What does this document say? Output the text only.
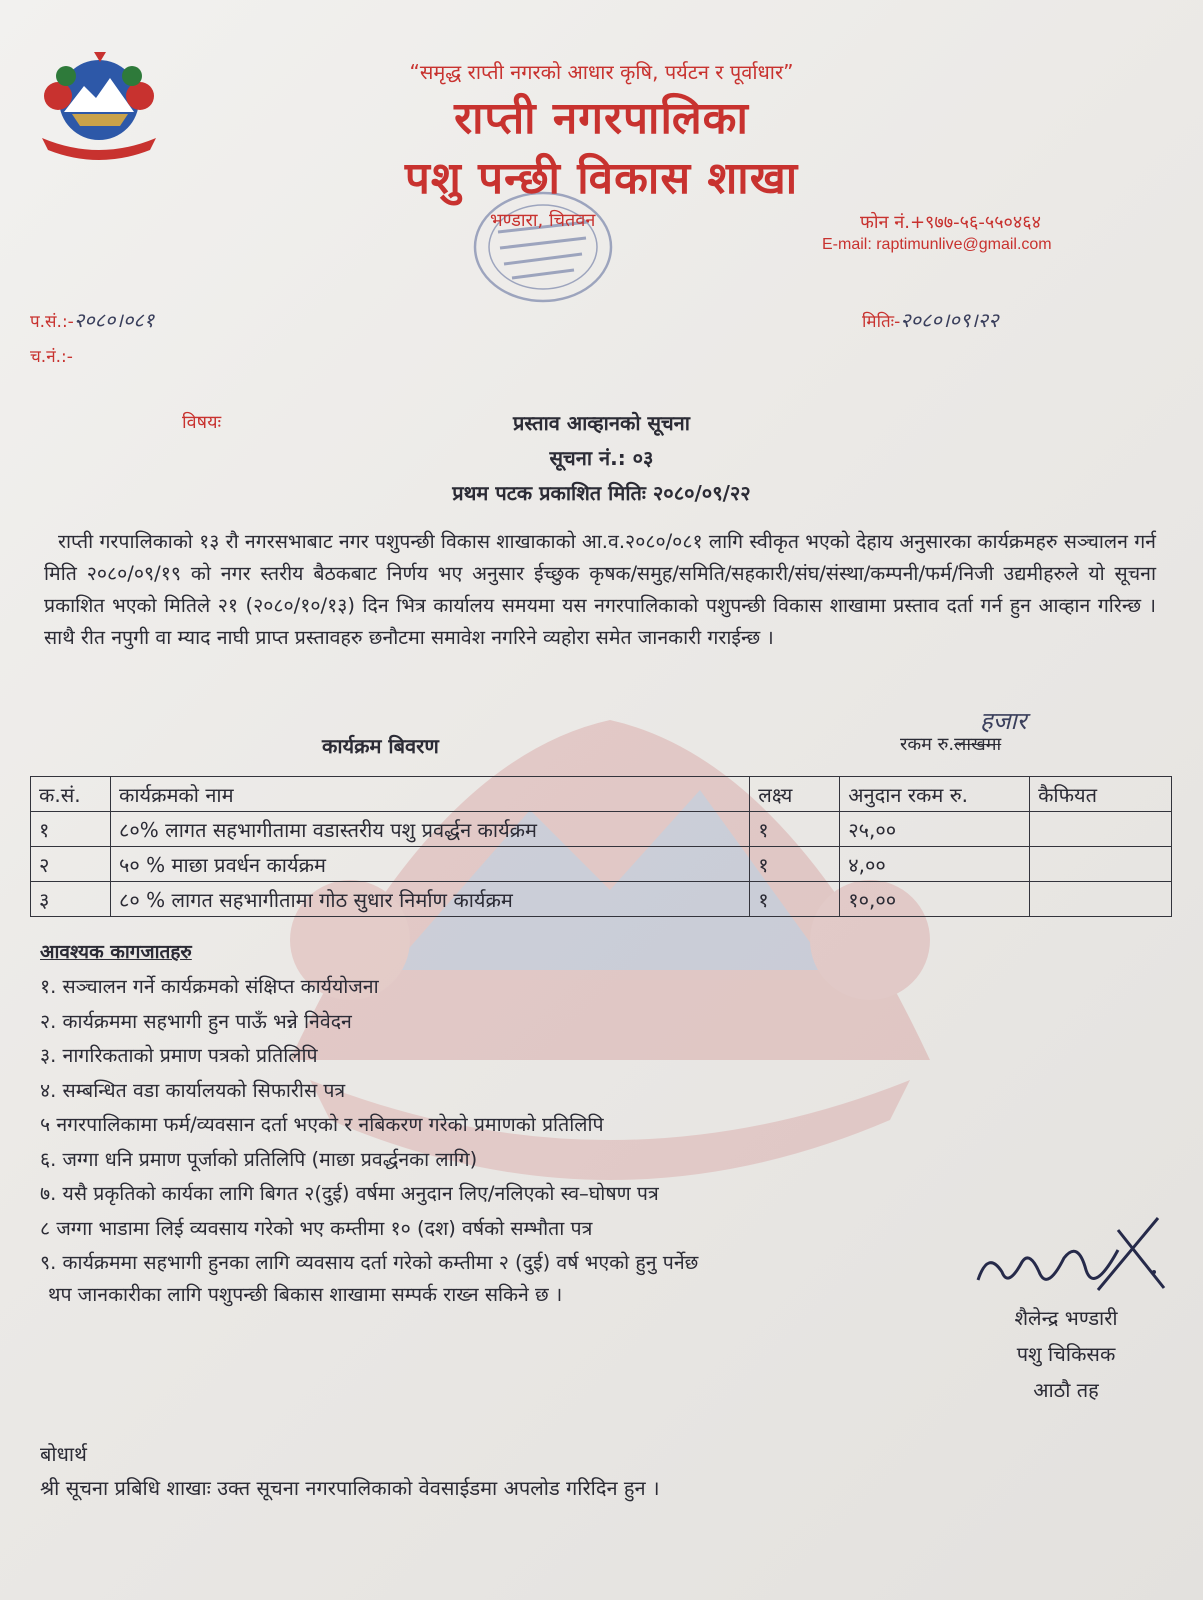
“समृद्ध राप्ती नगरको आधार कृषि, पर्यटन र पूर्वाधार”
राप्ती नगरपालिका
पशु पन्छी विकास शाखा
भण्डारा, चितवन	फोन नं.+९७७-५६-५५०४६४
E-mail: raptimunlive@gmail.com
प.सं.:-२०८०।०८१
च.नं.:-
मितिः-२०८०।०९।२२
विषयः	प्रस्ताव आव्हानको सूचना
सूचना नं.: ०३
प्रथम पटक प्रकाशित मितिः २०८०/०९/२२
राप्ती गरपालिकाको १३ रौ नगरसभाबाट नगर पशुपन्छी विकास शाखाकाको आ.व.२०८०/०८१ लागि स्वीकृत भएको देहाय अनुसारका कार्यक्रमहरु सञ्चालन गर्न मिति २०८०/०९/१९ को नगर स्तरीय बैठकबाट निर्णय भए अनुसार ईच्छुक कृषक/समुह/समिति/सहकारी/संघ/संस्था/कम्पनी/फर्म/निजी उद्यमीहरुले यो सूचना प्रकाशित भएको मितिले २१ (२०८०/१०/१३) दिन भित्र कार्यालय समयमा यस नगरपालिकाको पशुपन्छी विकास शाखामा प्रस्ताव दर्ता गर्न हुन आव्हान गरिन्छ । साथै रीत नपुगी वा म्याद नाघी प्राप्त प्रस्तावहरु छनौटमा समावेश नगरिने व्यहोरा समेत जानकारी गराईन्छ ।
कार्यक्रम बिवरण
हजार
रकम रु.लाखमा
क.सं.	कार्यक्रमको नाम	लक्ष्य	अनुदान रकम रु.	कैफियत
१	८०% लागत सहभागीतामा वडास्तरीय पशु प्रवर्द्धन कार्यक्रम	१	२५,००	
२	५० % माछा प्रवर्धन कार्यक्रम	१	४,००	
३	८० % लागत सहभागीतामा गोठ सुधार निर्माण कार्यक्रम	१	१०,००	
आवश्यक कागजातहरु
१. सञ्चालन गर्ने कार्यक्रमको संक्षिप्त कार्ययोजना
२. कार्यक्रममा सहभागी हुन पाऊँ भन्ने निवेदन
३. नागरिकताको प्रमाण पत्रको प्रतिलिपि
४. सम्बन्धित वडा कार्यालयको सिफारीस पत्र
५ नगरपालिकामा फर्म/व्यवसान दर्ता भएको र नबिकरण गरेको प्रमाणको प्रतिलिपि
६. जग्गा धनि प्रमाण पूर्जाको प्रतिलिपि (माछा प्रवर्द्धनका लागि)
७. यसै प्रकृतिको कार्यका लागि बिगत २(दुई) वर्षमा अनुदान लिए/नलिएको स्व–घोषण पत्र
८ जग्गा भाडामा लिई व्यवसाय गरेको भए कम्तीमा १० (दश) वर्षको सम्भौता पत्र
९. कार्यक्रममा सहभागी हुनका लागि व्यवसाय दर्ता गरेको कम्तीमा २ (दुई) वर्ष भएको हुनु पर्नेछ
थप जानकारीका लागि पशुपन्छी बिकास शाखामा सम्पर्क राख्न सकिने छ ।
शैलेन्द्र भण्डारी
पशु चिकिसक
आठौ तह
बोधार्थ
श्री सूचना प्रबिधि शाखाः उक्त सूचना नगरपालिकाको वेवसाईडमा अपलोड गरिदिन हुन ।
